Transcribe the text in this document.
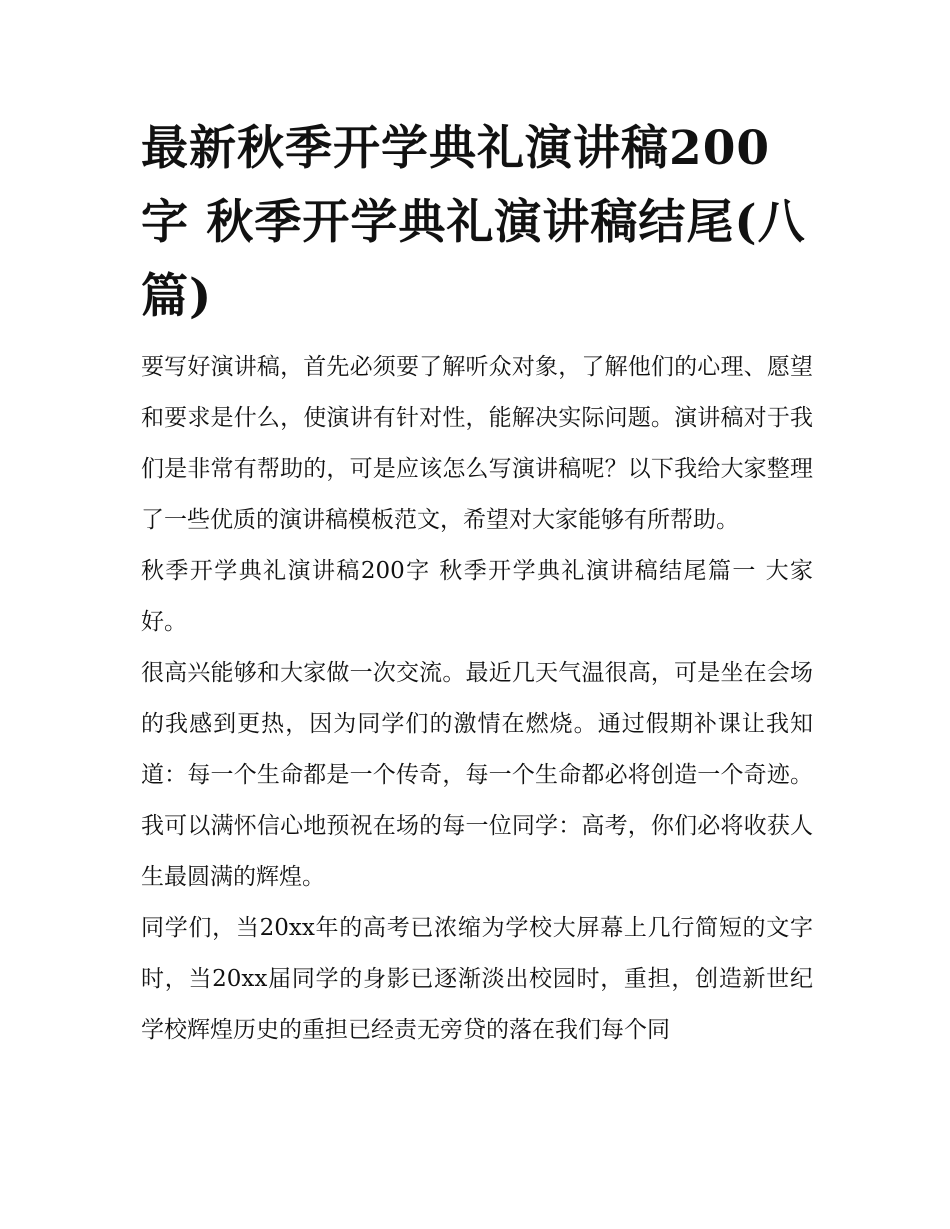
最新秋季开学典礼演讲稿200字 秋季开学典礼演讲稿结尾(八篇)

要写好演讲稿，首先必须要了解听众对象，了解他们的心理、愿望和要求是什么，使演讲有针对性，能解决实际问题。演讲稿对于我们是非常有帮助的，可是应该怎么写演讲稿呢？以下我给大家整理了一些优质的演讲稿模板范文，希望对大家能够有所帮助。

秋季开学典礼演讲稿200字 秋季开学典礼演讲稿结尾篇一 大家好。

很高兴能够和大家做一次交流。最近几天气温很高，可是坐在会场的我感到更热，因为同学们的激情在燃烧。通过假期补课让我知道：每一个生命都是一个传奇，每一个生命都必将创造一个奇迹。我可以满怀信心地预祝在场的每一位同学：高考，你们必将收获人生最圆满的辉煌。

同学们，当20xx年的高考已浓缩为学校大屏幕上几行简短的文字时，当20xx届同学的身影已逐渐淡出校园时，重担，创造新世纪学校辉煌历史的重担已经责无旁贷的落在我们每个同
